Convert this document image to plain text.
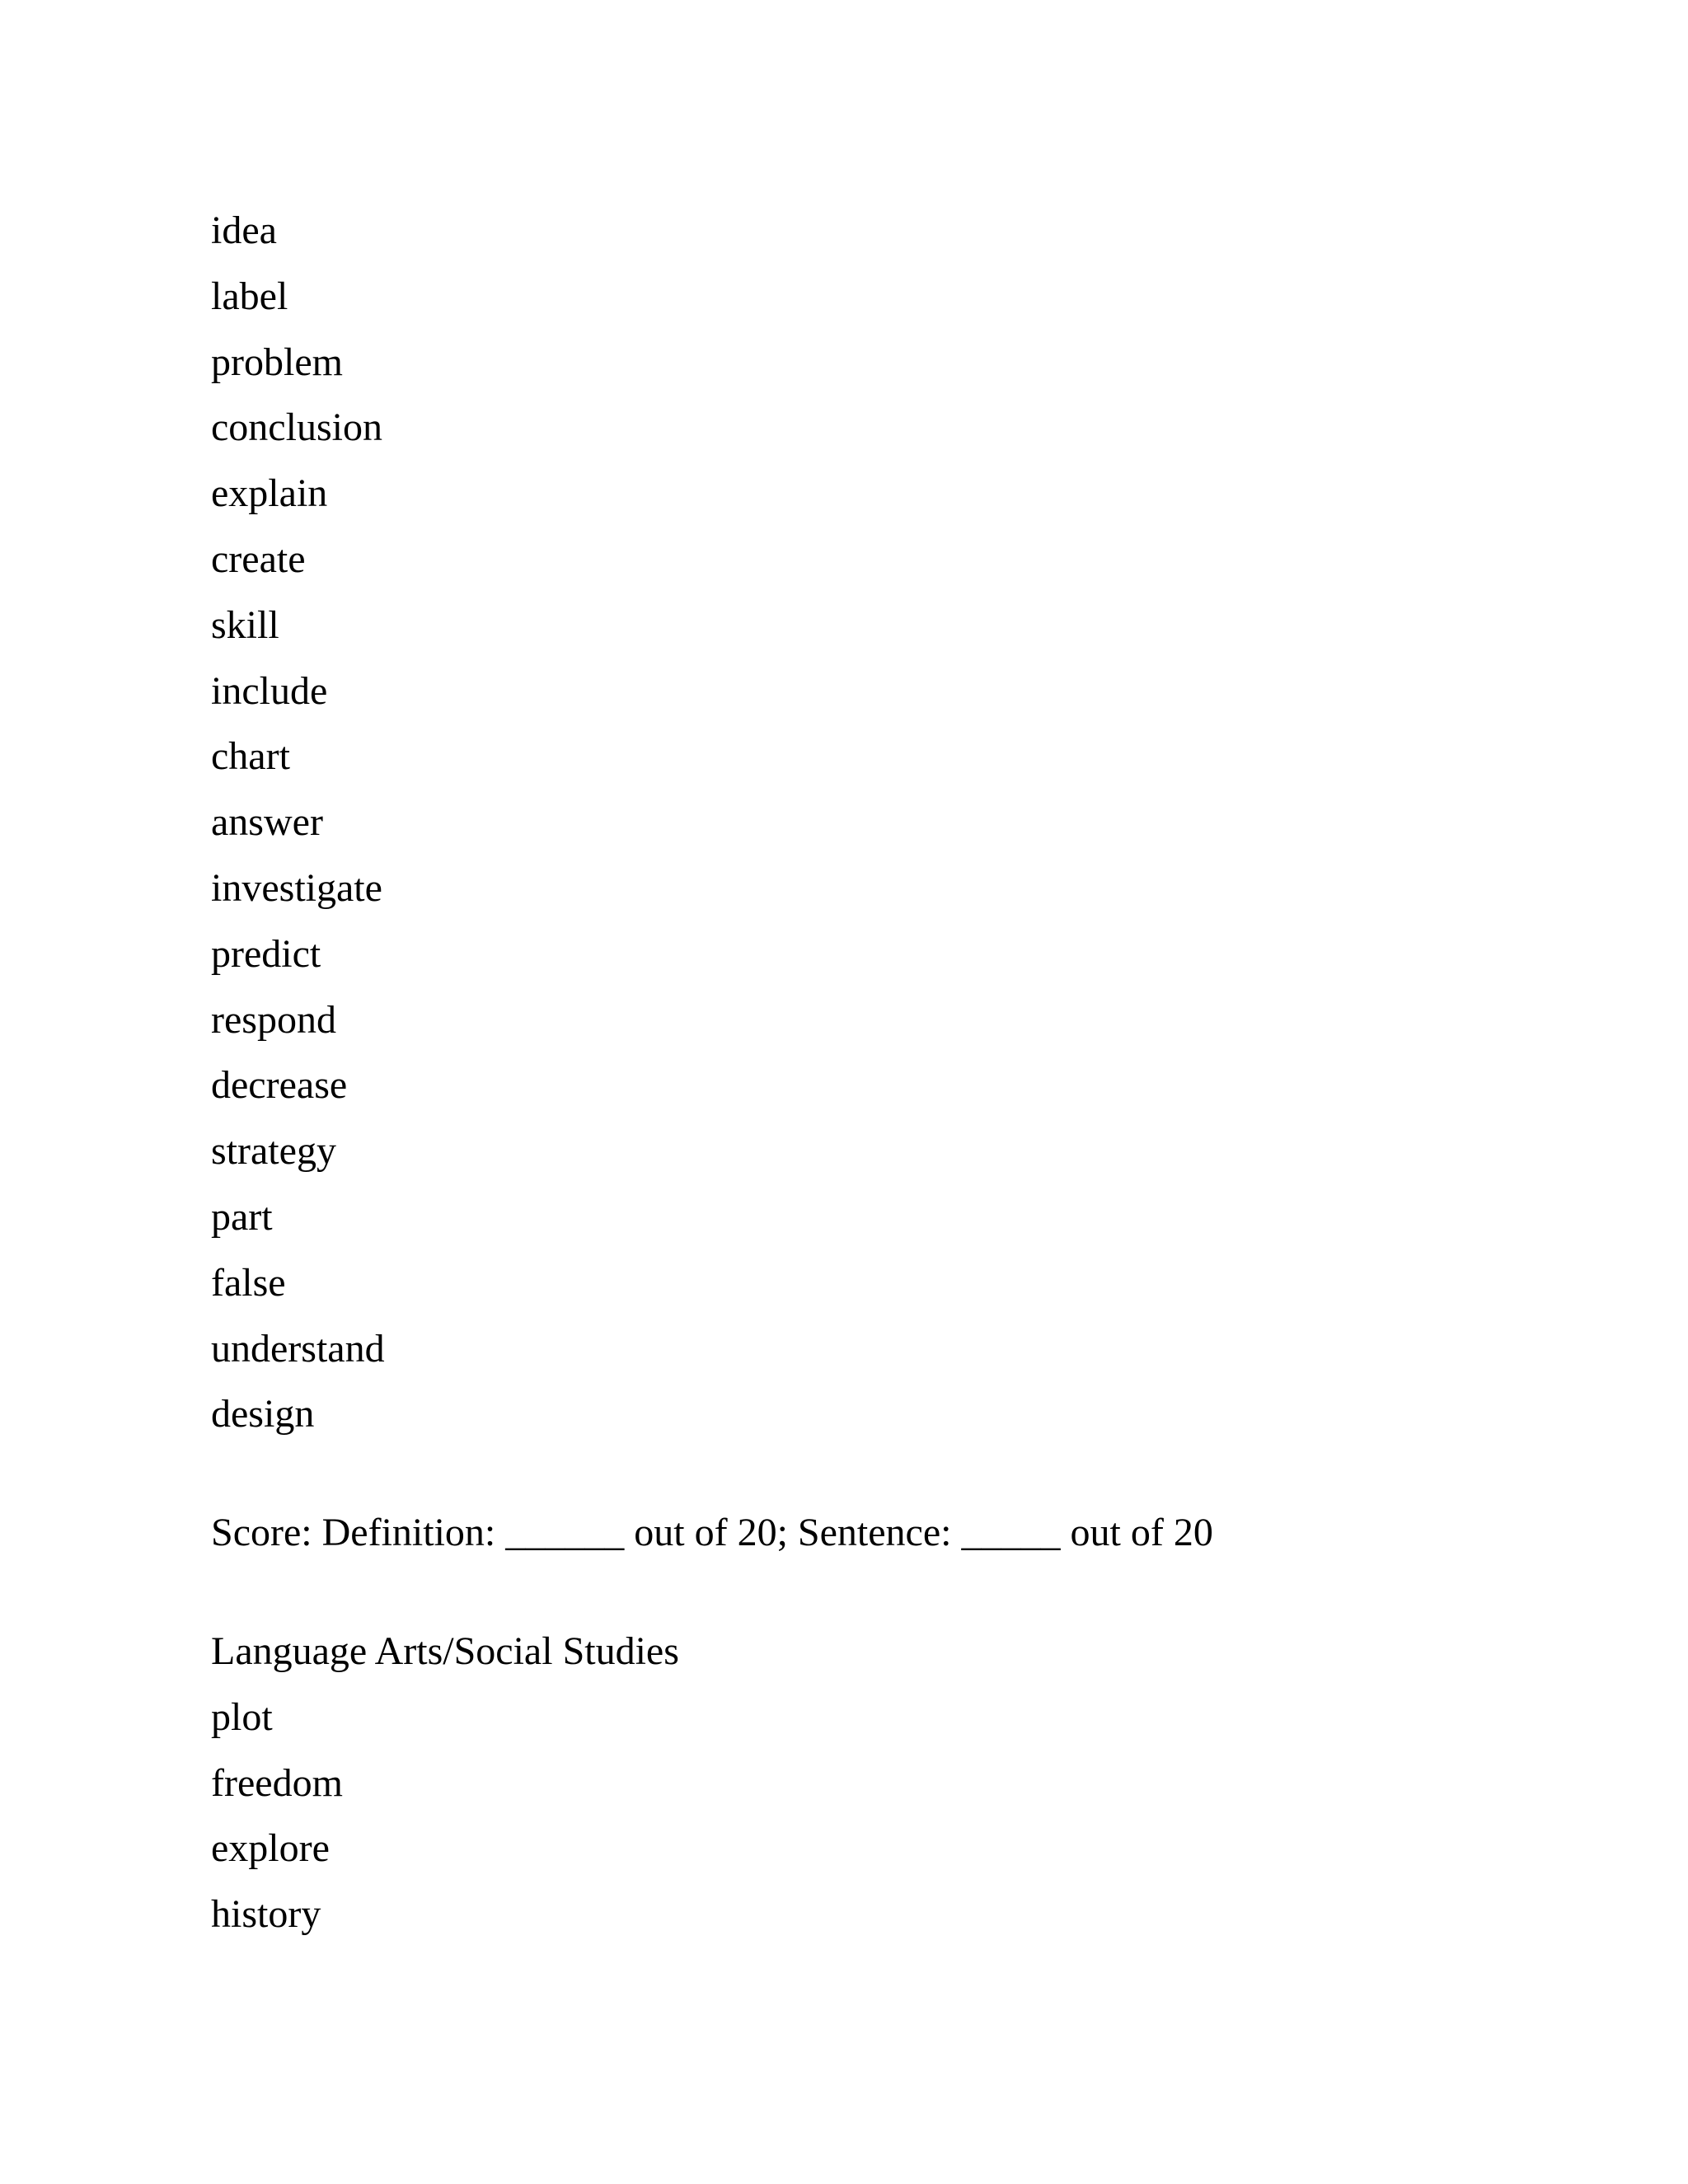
idea
label
problem
conclusion
explain
create
skill
include
chart
answer
investigate
predict
respond
decrease
strategy
part
false
understand
design
Score: Definition: ______ out of 20; Sentence: _____ out of 20
Language Arts/Social Studies
plot
freedom
explore
history
